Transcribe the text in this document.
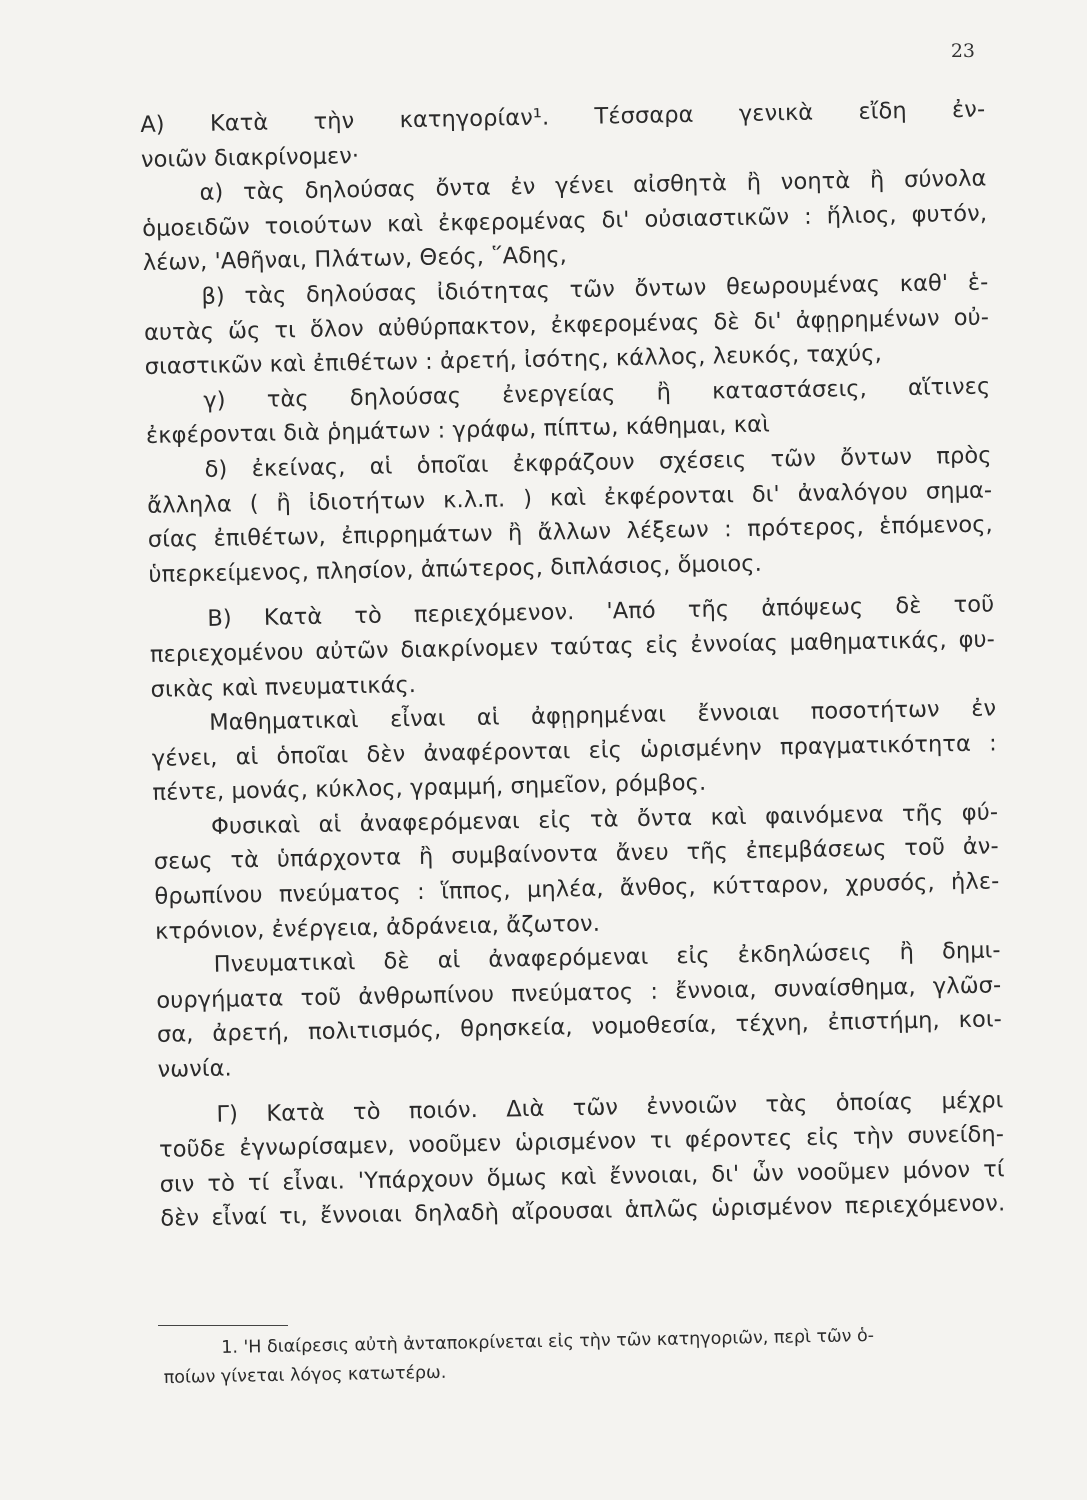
23
A) Κατὰ τὴν κατηγορίαν¹. Τέσσαρα γενικὰ εἴδη ἐν-
νοιῶν διακρίνομεν·
α) τὰς δηλούσας ὄντα ἐν γένει αἰσθητὰ ἢ νοητὰ ἢ σύνολα
ὁμοειδῶν τοιούτων καὶ ἐκφερομένας δι' οὐσιαστικῶν : ἥλιος, φυτόν,
λέων, 'Αθῆναι, Πλάτων, Θεός, ῞Αδης,
β) τὰς δηλούσας ἰδιότητας τῶν ὄντων θεωρουμένας καθ' ἑ-
αυτὰς ὥς τι ὅλον αὐθύρπακτον, ἐκφερομένας δὲ δι' ἀφῃρημένων οὐ-
σιαστικῶν καὶ ἐπιθέτων : ἀρετή, ἰσότης, κάλλος, λευκός, ταχύς,
γ) τὰς δηλούσας ἐνεργείας ἢ καταστάσεις, αἵτινες
ἐκφέρονται διὰ ῥημάτων : γράφω, πίπτω, κάθημαι, καὶ
δ) ἐκείνας, αἱ ὁποῖαι ἐκφράζουν σχέσεις τῶν ὄντων πρὸς
ἄλληλα ( ἢ ἰδιοτήτων κ.λ.π. ) καὶ ἐκφέρονται δι' ἀναλόγου σημα-
σίας ἐπιθέτων, ἐπιρρημάτων ἢ ἄλλων λέξεων : πρότερος, ἑπόμενος,
ὑπερκείμενος, πλησίον, ἀπώτερος, διπλάσιος, ὅμοιος.
B) Κατὰ τὸ περιεχόμενον. 'Από τῆς ἀπόψεως δὲ τοῦ
περιεχομένου αὐτῶν διακρίνομεν ταύτας εἰς ἐννοίας μαθηματικάς, φυ-
σικὰς καὶ πνευματικάς.
Μαθηματικαὶ εἶναι αἱ ἀφῃρημέναι ἔννοιαι ποσοτήτων ἐν
γένει, αἱ ὁποῖαι δὲν ἀναφέρονται εἰς ὡρισμένην πραγματικότητα :
πέντε, μονάς, κύκλος, γραμμή, σημεῖον, ρόμβος.
Φυσικαὶ αἱ ἀναφερόμεναι εἰς τὰ ὄντα καὶ φαινόμενα τῆς φύ-
σεως τὰ ὑπάρχοντα ἢ συμβαίνοντα ἄνευ τῆς ἐπεμβάσεως τοῦ ἀν-
θρωπίνου πνεύματος : ἵππος, μηλέα, ἄνθος, κύτταρον, χρυσός, ἠλε-
κτρόνιον, ἐνέργεια, ἀδράνεια, ἄζωτον.
Πνευματικαὶ δὲ αἱ ἀναφερόμεναι εἰς ἐκδηλώσεις ἢ δημι-
ουργήματα τοῦ ἀνθρωπίνου πνεύματος : ἔννοια, συναίσθημα, γλῶσ-
σα, ἀρετή, πολιτισμός, θρησκεία, νομοθεσία, τέχνη, ἐπιστήμη, κοι-
νωνία.
Γ) Κατὰ τὸ ποιόν. Διὰ τῶν ἐννοιῶν τὰς ὁποίας μέχρι
τοῦδε ἐγνωρίσαμεν, νοοῦμεν ὡρισμένον τι φέροντες εἰς τὴν συνείδη-
σιν τὸ τί εἶναι. 'Υπάρχουν ὅμως καὶ ἔννοιαι, δι' ὧν νοοῦμεν μόνον τί
δὲν εἶναί τι, ἔννοιαι δηλαδὴ αἴρουσαι ἁπλῶς ὡρισμένον περιεχόμενον.
1. 'Η διαίρεσις αὐτὴ ἀνταποκρίνεται εἰς τὴν τῶν κατηγοριῶν, περὶ τῶν ὁ-
ποίων γίνεται λόγος κατωτέρω.
